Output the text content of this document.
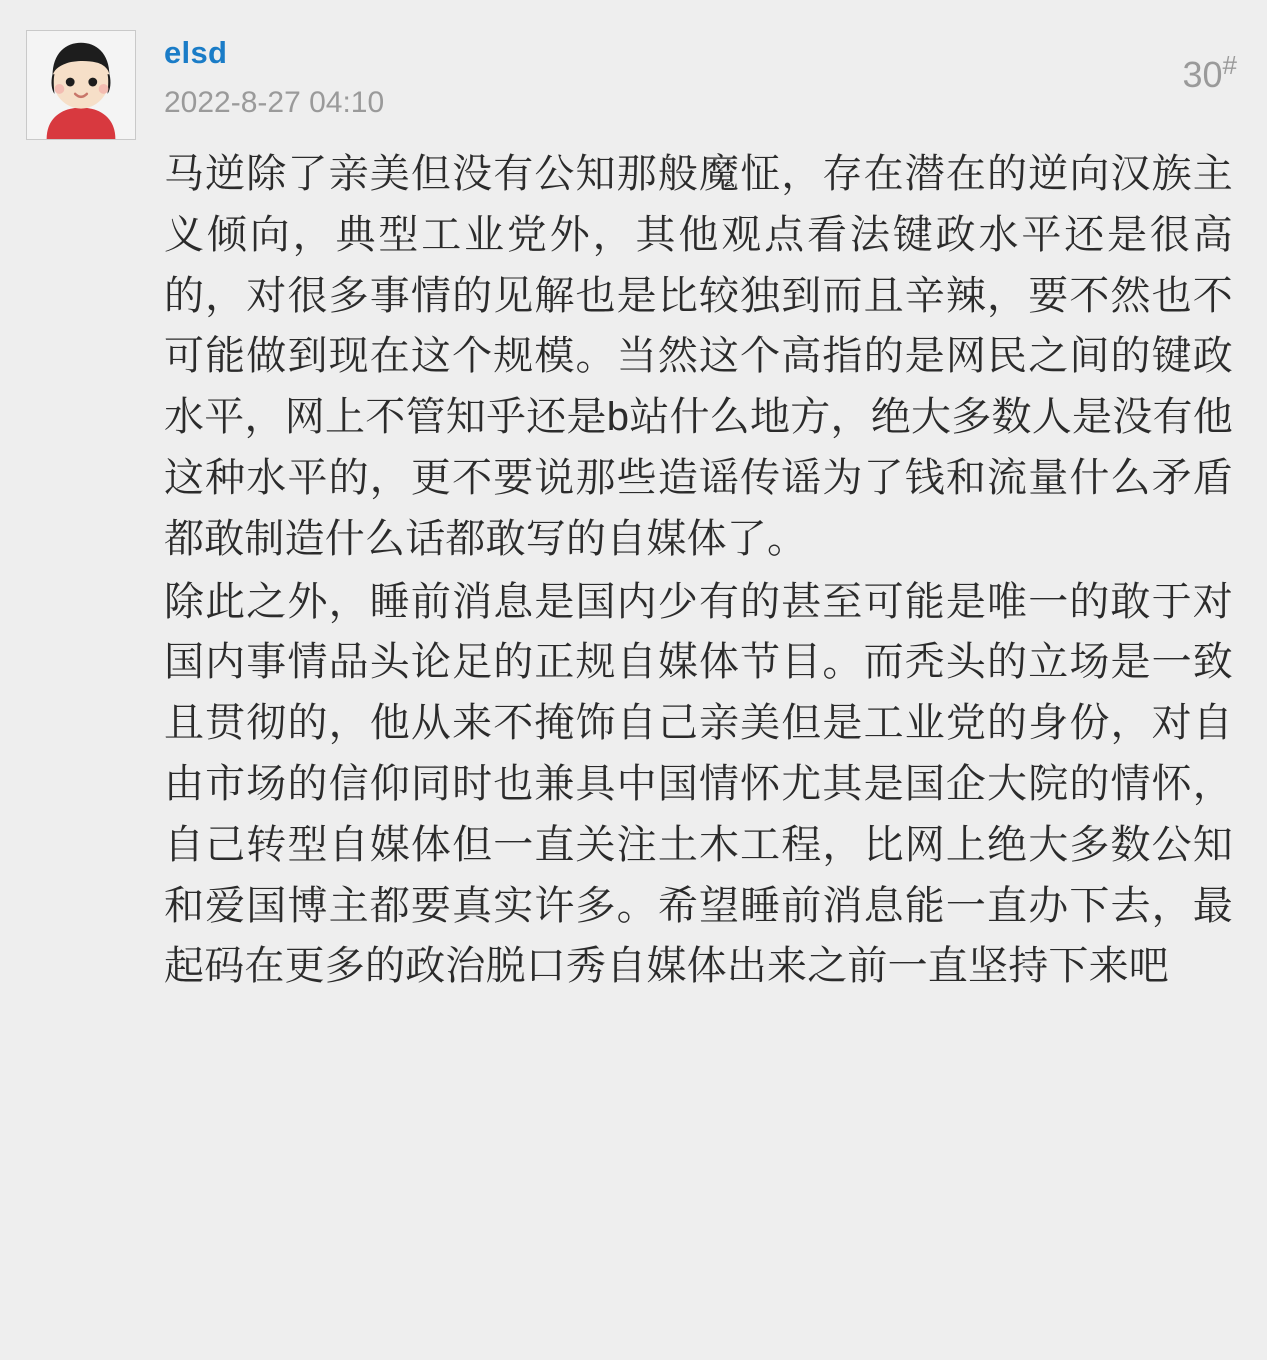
elsd
2022-8-27 04:10
30#

马逆除了亲美但没有公知那般魔怔，存在潜在的逆向汉族主义倾向，典型工业党外，其他观点看法键政水平还是很高的，对很多事情的见解也是比较独到而且辛辣，要不然也不可能做到现在这个规模。当然这个高指的是网民之间的键政水平，网上不管知乎还是b站什么地方，绝大多数人是没有他这种水平的，更不要说那些造谣传谣为了钱和流量什么矛盾都敢制造什么话都敢写的自媒体了。

除此之外，睡前消息是国内少有的甚至可能是唯一的敢于对国内事情品头论足的正规自媒体节目。而秃头的立场是一致且贯彻的，他从来不掩饰自己亲美但是工业党的身份，对自由市场的信仰同时也兼具中国情怀尤其是国企大院的情怀，自己转型自媒体但一直关注土木工程，比网上绝大多数公知和爱国博主都要真实许多。希望睡前消息能一直办下去，最起码在更多的政治脱口秀自媒体出来之前一直坚持下来吧
